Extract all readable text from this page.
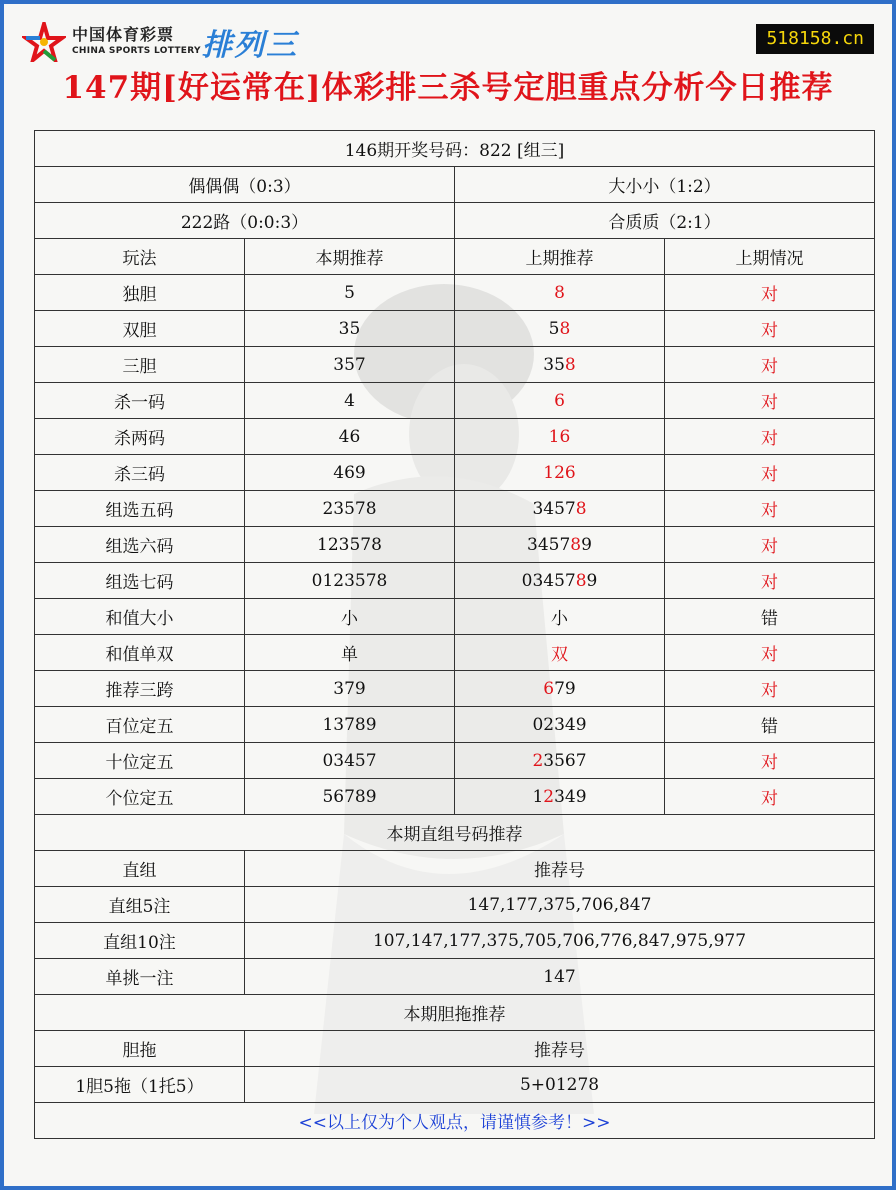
中国体育彩票
CHINA SPORTS LOTTERY 排列三	518158.cn
147期[好运常在]体彩排三杀号定胆重点分析今日推荐
146期开奖号码：822 [组三]			
偶偶偶（0:3）		大小小（1:2）	
222路（0:0:3）		合质质（2:1）	
玩法	本期推荐	上期推荐	上期情况
独胆	5	8	对
双胆	35	58	对
三胆	357	358	对
杀一码	4	6	对
杀两码	46	16	对
杀三码	469	126	对
组选五码	23578	34578	对
组选六码	123578	345789	对
组选七码	0123578	0345789	对
和值大小	小	小	错
和值单双	单	双	对
推荐三跨	379	679	对
百位定五	13789	02349	错
十位定五	03457	23567	对
个位定五	56789	12349	对
本期直组号码推荐			
直组	推荐号		
直组5注	147,177,375,706,847		
直组10注	107,147,177,375,705,706,776,847,975,977		
单挑一注	147		
本期胆拖推荐			
胆拖	推荐号		
1胆5拖（1托5）	5+01278		
<<以上仅为个人观点，请谨慎参考！>>			
